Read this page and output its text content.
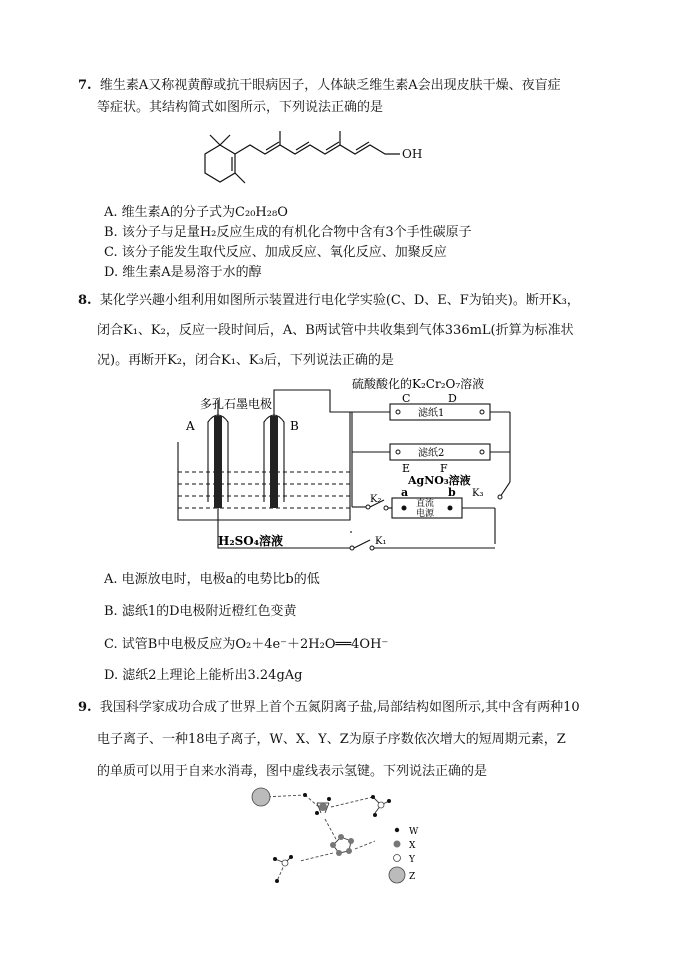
7. 维生素A又称视黄醇或抗干眼病因子，人体缺乏维生素A会出现皮肤干燥、夜盲症
等症状。其结构简式如图所示，下列说法正确的是
OH
A. 维生素A的分子式为C₂₀H₂₈O
B. 该分子与足量H₂反应生成的有机化合物中含有3个手性碳原子
C. 该分子能发生取代反应、加成反应、氧化反应、加聚反应
D. 维生素A是易溶于水的醇
8. 某化学兴趣小组利用如图所示装置进行电化学实验(C、D、E、F为铂夹)。断开K₃，
闭合K₁、K₂，反应一段时间后，A、B两试管中共收集到气体336mL(折算为标准状
况)。再断开K₂，闭合K₁、K₃后，下列说法正确的是
多孔石墨电极
A	B
硫酸酸化的K₂Cr₂O₇溶液
C	D
滤纸1
滤纸2
E	F
AgNO₃溶液
K₂
K₃
K₁
a	b
直流
电源
H₂SO₄溶液
A. 电源放电时，电极a的电势比b的低
B. 滤纸1的D电极附近橙红色变黄
C. 试管B中电极反应为O₂＋4e⁻＋2H₂O══4OH⁻
D. 滤纸2上理论上能析出3.24gAg
9. 我国科学家成功合成了世界上首个五氮阴离子盐,局部结构如图所示,其中含有两种10
电子离子、一种18电子离子，W、X、Y、Z为原子序数依次增大的短周期元素，Z
的单质可以用于自来水消毒，图中虚线表示氢键。下列说法正确的是
W
X
Y
Z
